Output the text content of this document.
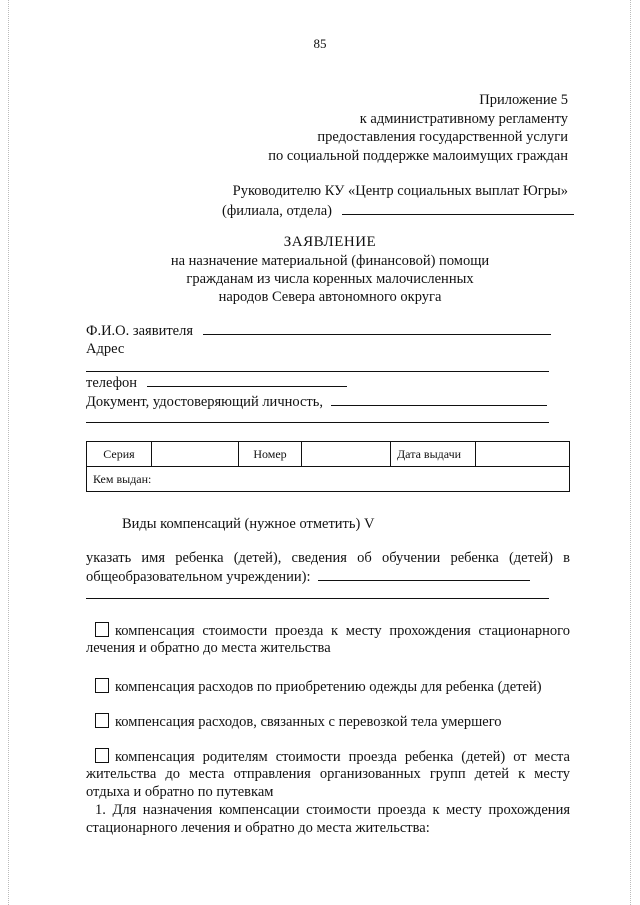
85
Приложение 5
к административному регламенту
предоставления государственной услуги
по социальной поддержке малоимущих граждан
Руководителю КУ «Центр социальных выплат Югры»
(филиала, отдела)
ЗАЯВЛЕНИЕ
на назначение материальной (финансовой) помощи
гражданам из числа коренных малочисленных
народов Севера автономного округа
Ф.И.О. заявителя
Адрес
телефон
Документ, удостоверяющий личность,
Серия		Номер		Дата выдачи	
Кем выдан:
Виды компенсаций (нужное отметить) V
указать имя ребенка (детей), сведения об обучении ребенка (детей) в
общеобразовательном учреждении):
компенсация стоимости проезда к месту прохождения стационарного
лечения и обратно до места жительства
компенсация расходов по приобретению одежды для ребенка (детей)
компенсация расходов, связанных с перевозкой тела умершего
компенсация родителям стоимости проезда ребенка (детей) от места
жительства до места отправления организованных групп детей к месту
отдыха и обратно по путевкам
1. Для назначения компенсации стоимости проезда к месту прохождения
стационарного лечения и обратно до места жительства:
